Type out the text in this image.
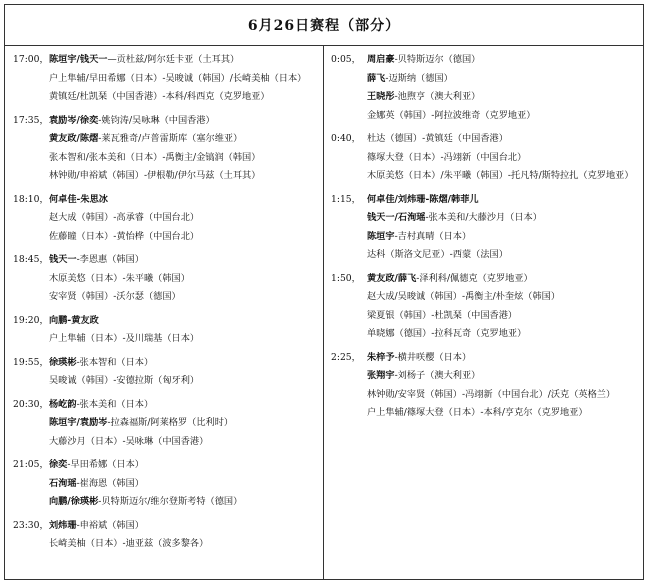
6月26日赛程（部分）
17:00， 陈垣宇/钱天一—贡杜兹/阿尔廷卡亚（土耳其）
户上隼辅/早田希娜（日本）-吴晙诚（韩国）/长崎美柚（日本）
黄镇廷/杜凯琹（中国香港）-本科/科西克（克罗地亚）
17:35， 袁励岑/徐奕-姚钧涛/吴咏琳（中国香港）
黄友政/陈熠-莱瓦雅奇/卢普雷斯库（塞尔维亚）
张本智和/张本美和（日本）-禹衡主/金镐润（韩国）
林钟勋/申裕斌（韩国）-伊根勒/伊尔马兹（土耳其）
18:10， 何卓佳-朱思冰
赵大成（韩国）-高承睿（中国台北）
佐藤瞳（日本）-黄怡桦（中国台北）
18:45， 钱天一-李恩惠（韩国）
木原美悠（日本）-朱平曦（韩国）
安宰贤（韩国）-沃尔瑟（德国）
19:20， 向鹏-黄友政
户上隼辅（日本）-及川瑞基（日本）
19:55， 徐瑛彬-张本智和（日本）
吴晙诚（韩国）-安德拉斯（匈牙利）
20:30， 杨屹韵-张本美和（日本）
陈垣宇/袁励岑-拉森福斯/阿莱格罗（比利时）
大藤沙月（日本）-吴咏琳（中国香港）
21:05， 徐奕-早田希娜（日本）
石洵瑶-崔海恩（韩国）
向鹏/徐瑛彬-贝特斯迈尔/维尔登斯考特（德国）
23:30， 刘炜珊-申裕斌（韩国）
长崎美柚（日本）-迪亚兹（波多黎各）
0:05， 周启豪-贝特斯迈尔（德国）
薛飞-迈斯纳（德国）
王晓彤-池煦亨（澳大利亚）
金娜英（韩国）-阿拉波维奇（克罗地亚）
0:40， 杜达（德国）-黄镇廷（中国香港）
篠塚大登（日本）-冯翊新（中国台北）
木原美悠（日本）/朱平曦（韩国）-托凡特/斯特拉扎（克罗地亚）
1:15， 何卓佳/刘炜珊-陈熠/韩菲儿
钱天一/石洵瑶-张本美和/大藤沙月（日本）
陈垣宇-吉村真晴（日本）
达科（斯洛文尼亚）-西蒙（法国）
1:50， 黄友政/薛飞-泽利科/佩德克（克罗地亚）
赵大成/吴晙诚（韩国）-禹衡主/朴奎炫（韩国）
梁夏银（韩国）-杜凯琹（中国香港）
单晓娜（德国）-拉科瓦奇（克罗地亚）
2:25， 朱梓予-横井咲樱（日本）
张翔宇-刘杨子（澳大利亚）
林钟勋/安宰贤（韩国）-冯翊新（中国台北）/沃克（英格兰）
户上隼辅/篠塚大登（日本）-本科/亨克尔（克罗地亚）
